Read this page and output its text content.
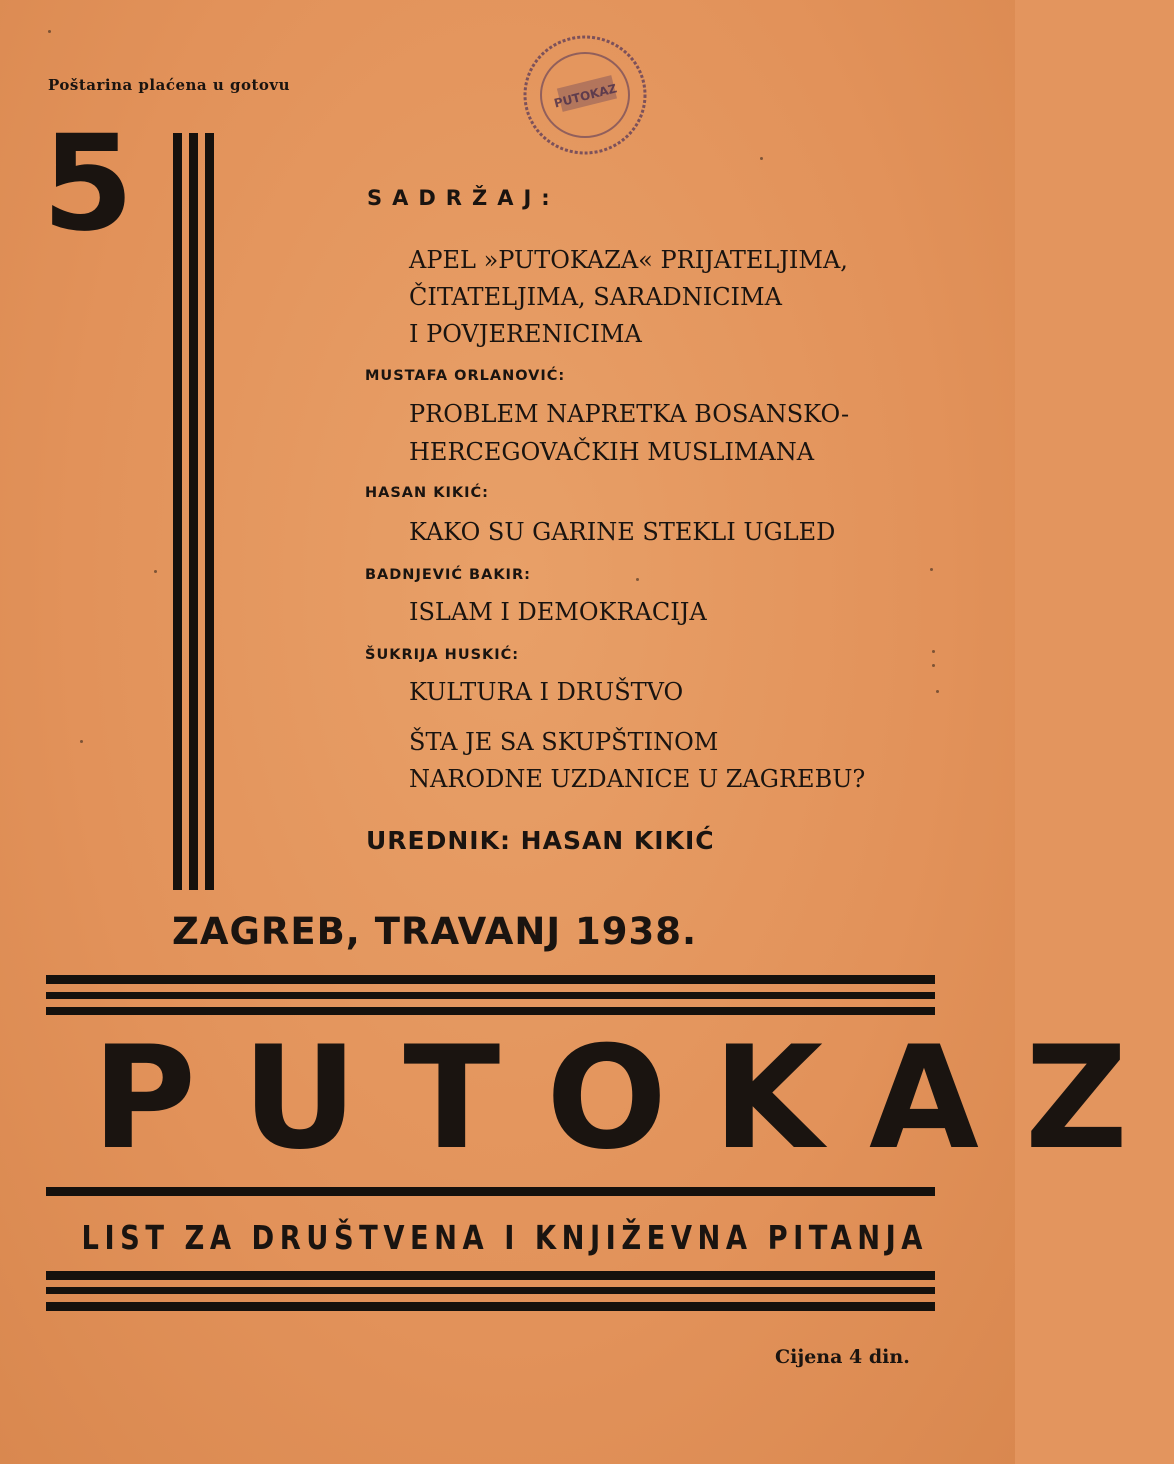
Poštarina plaćena u gotovu	PUTOKAZ
5	SADRŽAJ:
APEL »PUTOKAZA« PRIJATELJIMA,
ČITATELJIMA, SARADNICIMA
I POVJERENICIMA
MUSTAFA ORLANOVIĆ:
PROBLEM NAPRETKA BOSANSKO-
HERCEGOVAČKIH MUSLIMANA
HASAN KIKIĆ:
KAKO SU GARINE STEKLI UGLED
BADNJEVIĆ BAKIR:
ISLAM I DEMOKRACIJA
ŠUKRIJA HUSKIĆ:
KULTURA I DRUŠTVO
ŠTA JE SA SKUPŠTINOM
NARODNE UZDANICE U ZAGREBU?
UREDNIK: HASAN KIKIĆ
ZAGREB, TRAVANJ 1938.
PUTOKAZ
LIST ZA DRUŠTVENA I KNJIŽEVNA PITANJA
Cijena 4 din.
